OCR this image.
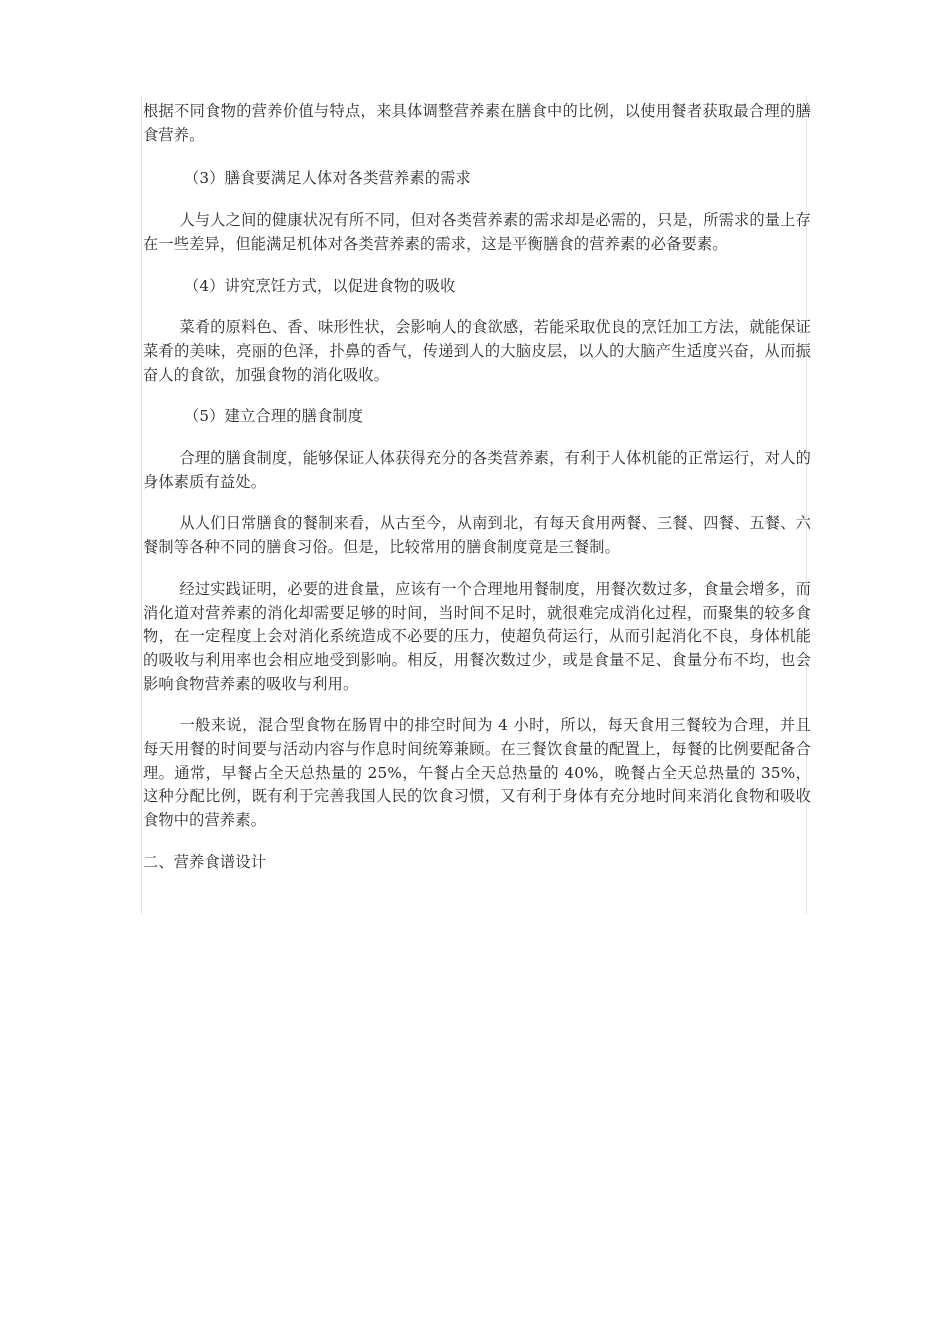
根据不同食物的营养价值与特点，来具体调整营养素在膳食中的比例，以使用餐者获取最合理的膳食营养。

（3）膳食要满足人体对各类营养素的需求

人与人之间的健康状况有所不同，但对各类营养素的需求却是必需的，只是，所需求的量上存在一些差异，但能满足机体对各类营养素的需求，这是平衡膳食的营养素的必备要素。

（4）讲究烹饪方式，以促进食物的吸收

菜肴的原料色、香、味形性状，会影响人的食欲感，若能采取优良的烹饪加工方法，就能保证菜肴的美味，亮丽的色泽，扑鼻的香气，传递到人的大脑皮层，以人的大脑产生适度兴奋，从而振奋人的食欲，加强食物的消化吸收。

（5）建立合理的膳食制度

合理的膳食制度，能够保证人体获得充分的各类营养素，有利于人体机能的正常运行，对人的身体素质有益处。

从人们日常膳食的餐制来看，从古至今，从南到北，有每天食用两餐、三餐、四餐、五餐、六餐制等各种不同的膳食习俗。但是，比较常用的膳食制度竟是三餐制。

经过实践证明，必要的进食量，应该有一个合理地用餐制度，用餐次数过多，食量会增多，而消化道对营养素的消化却需要足够的时间，当时间不足时，就很难完成消化过程，而聚集的较多食物，在一定程度上会对消化系统造成不必要的压力，使超负荷运行，从而引起消化不良，身体机能的吸收与利用率也会相应地受到影响。相反，用餐次数过少，或是食量不足、食量分布不均，也会影响食物营养素的吸收与利用。

一般来说，混合型食物在肠胃中的排空时间为 4 小时，所以，每天食用三餐较为合理，并且每天用餐的时间要与活动内容与作息时间统筹兼顾。在三餐饮食量的配置上，每餐的比例要配备合理。通常，早餐占全天总热量的 25%，午餐占全天总热量的 40%，晚餐占全天总热量的 35%，这种分配比例，既有利于完善我国人民的饮食习惯，又有利于身体有充分地时间来消化食物和吸收食物中的营养素。

二、营养食谱设计
